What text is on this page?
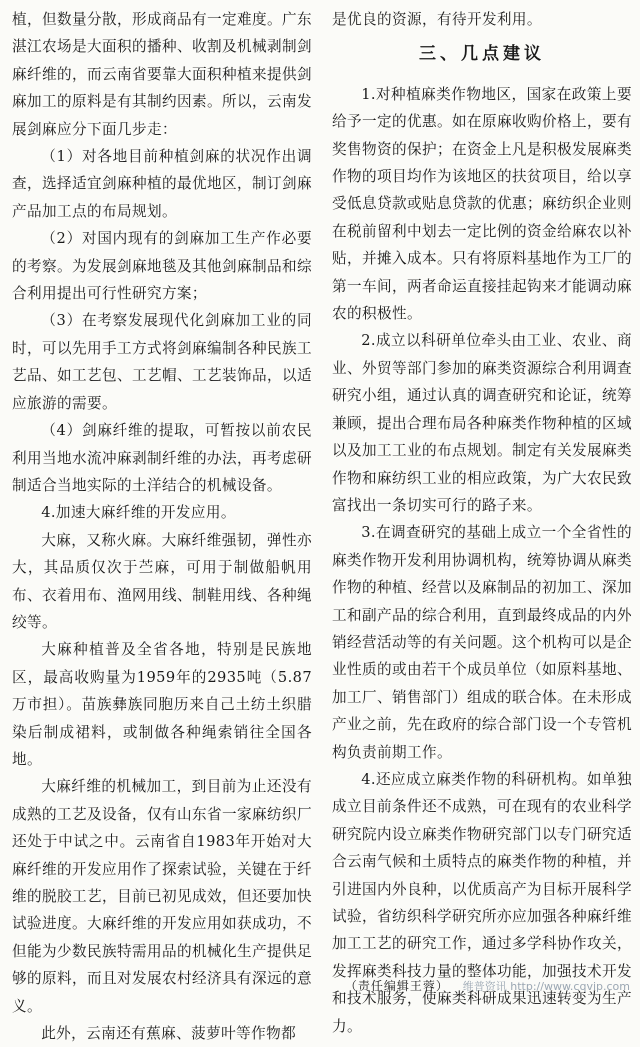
植，但数量分散，形成商品有一定难度。广东湛江农场是大面积的播种、收割及机械剥制剑麻纤维的，而云南省要靠大面积种植来提供剑麻加工的原料是有其制约因素。所以，云南发展剑麻应分下面几步走：

（1）对各地目前种植剑麻的状况作出调查，选择适宜剑麻种植的最优地区，制订剑麻产品加工点的布局规划。

（2）对国内现有的剑麻加工生产作必要的考察。为发展剑麻地毯及其他剑麻制品和综合利用提出可行性研究方案；

（3）在考察发展现代化剑麻加工业的同时，可以先用手工方式将剑麻编制各种民族工艺品、如工艺包、工艺帽、工艺装饰品，以适应旅游的需要。

（4）剑麻纤维的提取，可暂按以前农民利用当地水流冲麻剥制纤维的办法，再考虑研制适合当地实际的土洋结合的机械设备。

4.加速大麻纤维的开发应用。

大麻，又称火麻。大麻纤维强韧，弹性亦大，其品质仅次于苎麻，可用于制做船帆用布、衣着用布、渔网用线、制鞋用线、各种绳绞等。

大麻种植普及全省各地，特别是民族地区，最高收购量为1959年的2935吨（5.87万市担）。苗族彝族同胞历来自己土纺土织腊染后制成裙料，或制做各种绳索销往全国各地。

大麻纤维的机械加工，到目前为止还没有成熟的工艺及设备，仅有山东省一家麻纺织厂还处于中试之中。云南省自1983年开始对大麻纤维的开发应用作了探索试验，关键在于纤维的脱胶工艺，目前已初见成效，但还要加快试验进度。大麻纤维的开发应用如获成功，不但能为少数民族特需用品的机械化生产提供足够的原料，而且对发展农村经济具有深远的意义。

此外，云南还有蕉麻、菠萝叶等作物都

是优良的资源，有待开发利用。

三、几点建议

1.对种植麻类作物地区，国家在政策上要给予一定的优惠。如在原麻收购价格上，要有奖售物资的保护；在资金上凡是积极发展麻类作物的项目均作为该地区的扶贫项目，给以享受低息贷款或贴息贷款的优惠；麻纺织企业则在税前留利中划去一定比例的资金给麻农以补贴，并摊入成本。只有将原料基地作为工厂的第一车间，两者命运直接挂起钩来才能调动麻农的积极性。

2.成立以科研单位牵头由工业、农业、商业、外贸等部门参加的麻类资源综合利用调查研究小组，通过认真的调查研究和论证，统筹兼顾，提出合理布局各种麻类作物种植的区域以及加工工业的布点规划。制定有关发展麻类作物和麻纺织工业的相应政策，为广大农民致富找出一条切实可行的路子来。

3.在调查研究的基础上成立一个全省性的麻类作物开发利用协调机构，统筹协调从麻类作物的种植、经营以及麻制品的初加工、深加工和副产品的综合利用，直到最终成品的内外销经营活动等的有关问题。这个机构可以是企业性质的或由若干个成员单位（如原料基地、加工厂、销售部门）组成的联合体。在未形成产业之前，先在政府的综合部门设一个专管机构负责前期工作。

4.还应成立麻类作物的科研机构。如单独成立目前条件还不成熟，可在现有的农业科学研究院内设立麻类作物研究部门以专门研究适合云南气候和土质特点的麻类作物的种植，并引进国内外良种，以优质高产为目标开展科学试验，省纺织科学研究所亦应加强各种麻纤维加工工艺的研究工作，通过多学科协作攻关，发挥麻类科技力量的整体功能，加强技术开发和技术服务，使麻类科研成果迅速转变为生产力。

（责任编辑王蓉） 维普资讯 http://www.cqvip.com
